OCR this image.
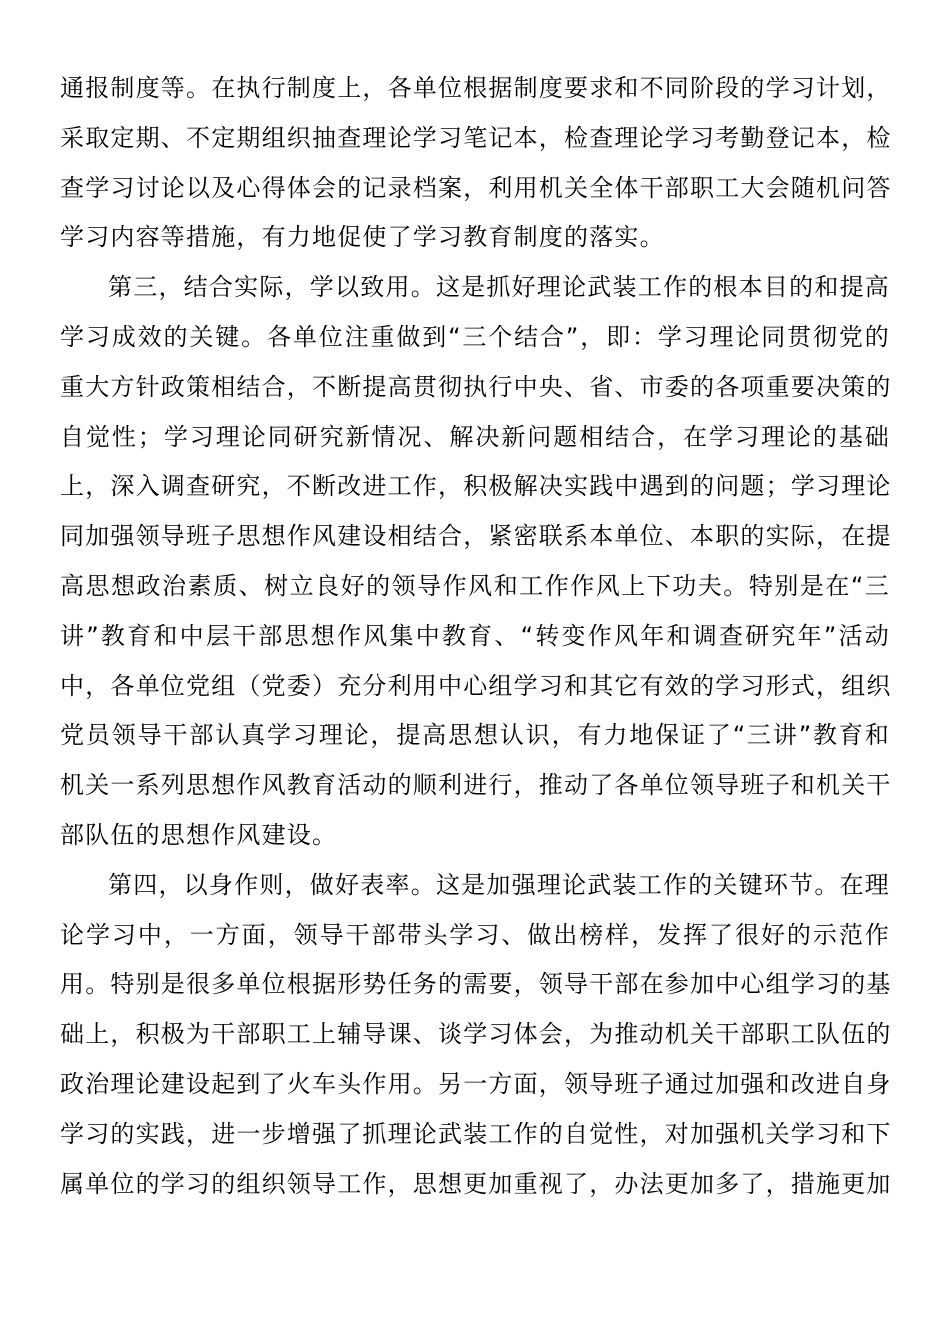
通报制度等。在执行制度上，各单位根据制度要求和不同阶段的学习计划，
采取定期、不定期组织抽查理论学习笔记本，检查理论学习考勤登记本，检
查学习讨论以及心得体会的记录档案，利用机关全体干部职工大会随机问答
学习内容等措施，有力地促使了学习教育制度的落实。
第三，结合实际，学以致用。这是抓好理论武装工作的根本目的和提高
学习成效的关键。各单位注重做到“三个结合”，即：学习理论同贯彻党的
重大方针政策相结合，不断提高贯彻执行中央、省、市委的各项重要决策的
自觉性；学习理论同研究新情况、解决新问题相结合，在学习理论的基础
上，深入调查研究，不断改进工作，积极解决实践中遇到的问题；学习理论
同加强领导班子思想作风建设相结合，紧密联系本单位、本职的实际，在提
高思想政治素质、树立良好的领导作风和工作作风上下功夫。特别是在“三
讲”教育和中层干部思想作风集中教育、“转变作风年和调查研究年”活动
中，各单位党组（党委）充分利用中心组学习和其它有效的学习形式，组织
党员领导干部认真学习理论，提高思想认识，有力地保证了“三讲”教育和
机关一系列思想作风教育活动的顺利进行，推动了各单位领导班子和机关干
部队伍的思想作风建设。
第四，以身作则，做好表率。这是加强理论武装工作的关键环节。在理
论学习中，一方面，领导干部带头学习、做出榜样，发挥了很好的示范作
用。特别是很多单位根据形势任务的需要，领导干部在参加中心组学习的基
础上，积极为干部职工上辅导课、谈学习体会，为推动机关干部职工队伍的
政治理论建设起到了火车头作用。另一方面，领导班子通过加强和改进自身
学习的实践，进一步增强了抓理论武装工作的自觉性，对加强机关学习和下
属单位的学习的组织领导工作，思想更加重视了，办法更加多了，措施更加
